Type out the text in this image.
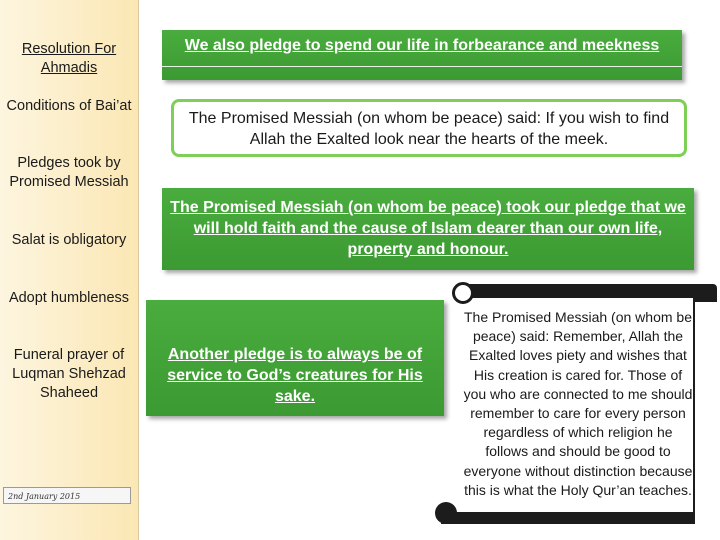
Resolution For Ahmadis
Conditions of Bai’at
Pledges took by Promised Messiah
Salat is obligatory
Adopt humbleness
Funeral prayer of Luqman Shehzad Shaheed
2nd January 2015
We also pledge to spend our life in forbearance and meekness
The Promised Messiah (on whom be peace) said: If you wish to find Allah the Exalted look near the hearts of the meek.
The Promised Messiah (on whom be peace) took our pledge that we will hold faith and the cause of Islam dearer than our own life, property and honour.
Another pledge is to always be of service to God’s creatures for His sake.
The Promised Messiah (on whom be peace) said: Remember, Allah the Exalted loves piety and wishes that His creation is cared for. Those of you who are connected to me should remember to care for every person regardless of which religion he follows and should be good to everyone without distinction because this is what the Holy Qur’an teaches.
